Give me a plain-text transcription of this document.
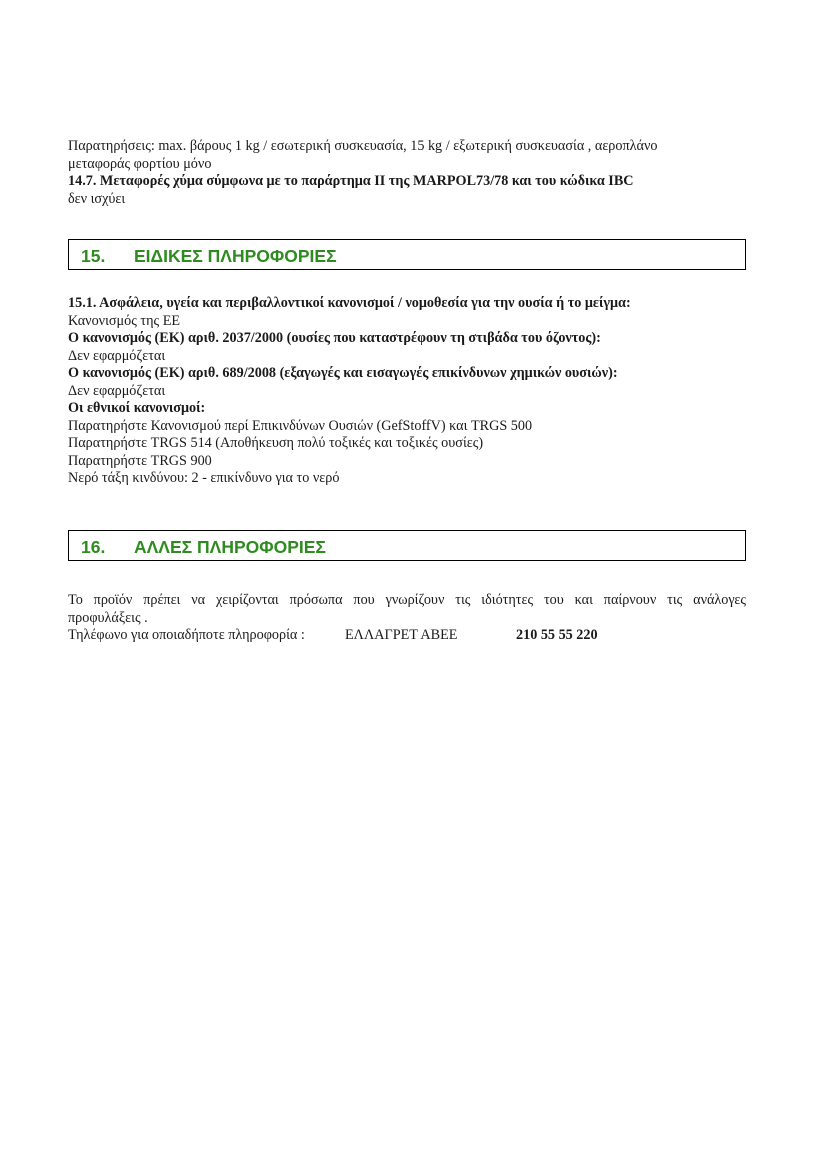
Παρατηρήσεις: max. βάρους 1 kg / εσωτερική συσκευασία, 15 kg / εξωτερική συσκευασία , αεροπλάνο

μεταφοράς φορτίου μόνο

14.7. Μεταφορές χύμα σύμφωνα με το παράρτημα II της MARPOL73/78 και του κώδικα IBC

δεν ισχύει

15. ΕΙΔΙΚΕΣ ΠΛΗΡΟΦΟΡΙΕΣ

15.1. Ασφάλεια, υγεία και περιβαλλοντικοί κανονισμοί / νομοθεσία για την ουσία ή το μείγμα:

Κανονισμός της ΕΕ

Ο κανονισμός (ΕΚ) αριθ. 2037/2000 (ουσίες που καταστρέφουν τη στιβάδα του όζοντος):

Δεν εφαρμόζεται

Ο κανονισμός (ΕΚ) αριθ. 689/2008 (εξαγωγές και εισαγωγές επικίνδυνων χημικών ουσιών):

Δεν εφαρμόζεται

Οι εθνικοί κανονισμοί:

Παρατηρήστε Κανονισμού περί Επικινδύνων Ουσιών (GefStoffV) και TRGS 500

Παρατηρήστε TRGS 514 (Αποθήκευση πολύ τοξικές και τοξικές ουσίες)

Παρατηρήστε TRGS 900

Νερό τάξη κινδύνου: 2 - επικίνδυνο για το νερό

16. ΑΛΛΕΣ ΠΛΗΡΟΦΟΡΙΕΣ

Το προϊόν πρέπει να χειρίζονται πρόσωπα που γνωρίζουν τις ιδιότητες του και παίρνουν τις ανάλογες

προφυλάξεις .

Τηλέφωνο για οποιαδήποτε πληροφορία :	ΕΛΛΑΓΡΕΤ ΑΒΕΕ	210 55 55 220
